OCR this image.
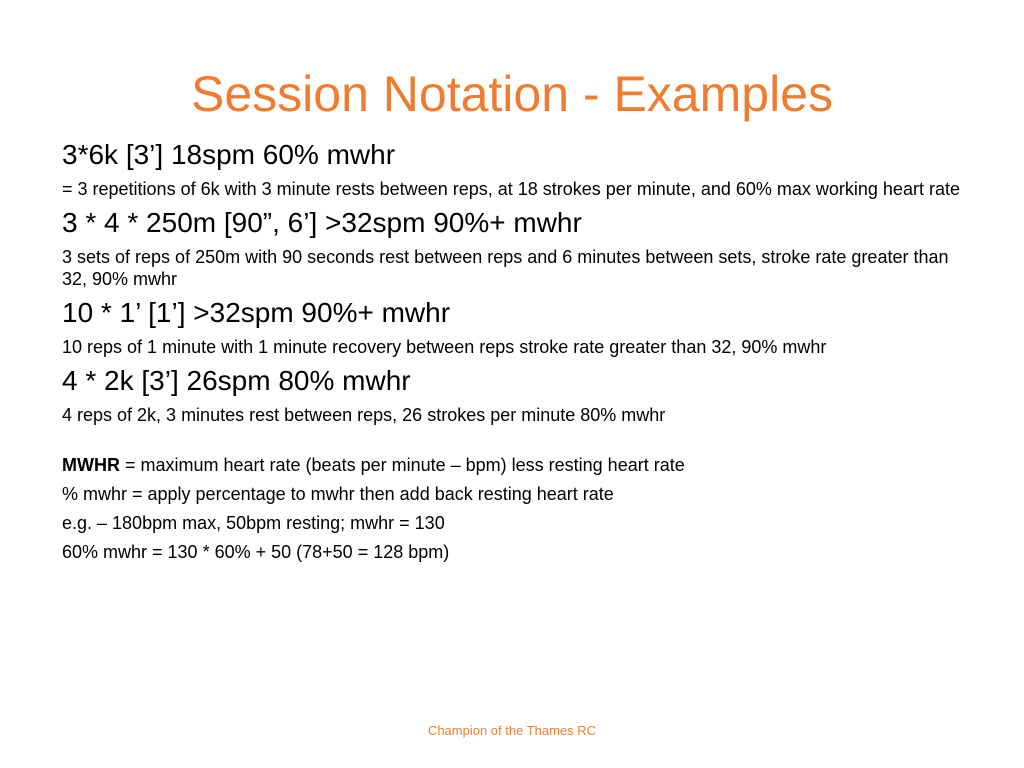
Session Notation - Examples

3*6k [3’] 18spm 60% mwhr

= 3 repetitions of 6k with 3 minute rests between reps, at 18 strokes per minute, and 60% max working heart rate

3 * 4 * 250m [90”, 6’] >32spm 90%+ mwhr

3 sets of reps of 250m with 90 seconds rest between reps and 6 minutes between sets, stroke rate greater than 32, 90% mwhr

10 * 1’ [1’] >32spm 90%+ mwhr

10 reps of 1 minute with 1 minute recovery between reps stroke rate greater than 32, 90% mwhr

4 * 2k [3’] 26spm 80% mwhr

4 reps of 2k, 3 minutes rest between reps, 26 strokes per minute 80% mwhr

MWHR = maximum heart rate (beats per minute – bpm) less resting heart rate

% mwhr = apply percentage to mwhr then add back resting heart rate

e.g. – 180bpm max, 50bpm resting; mwhr = 130

60% mwhr = 130 * 60% + 50 (78+50 = 128 bpm)

Champion of the Thames RC
